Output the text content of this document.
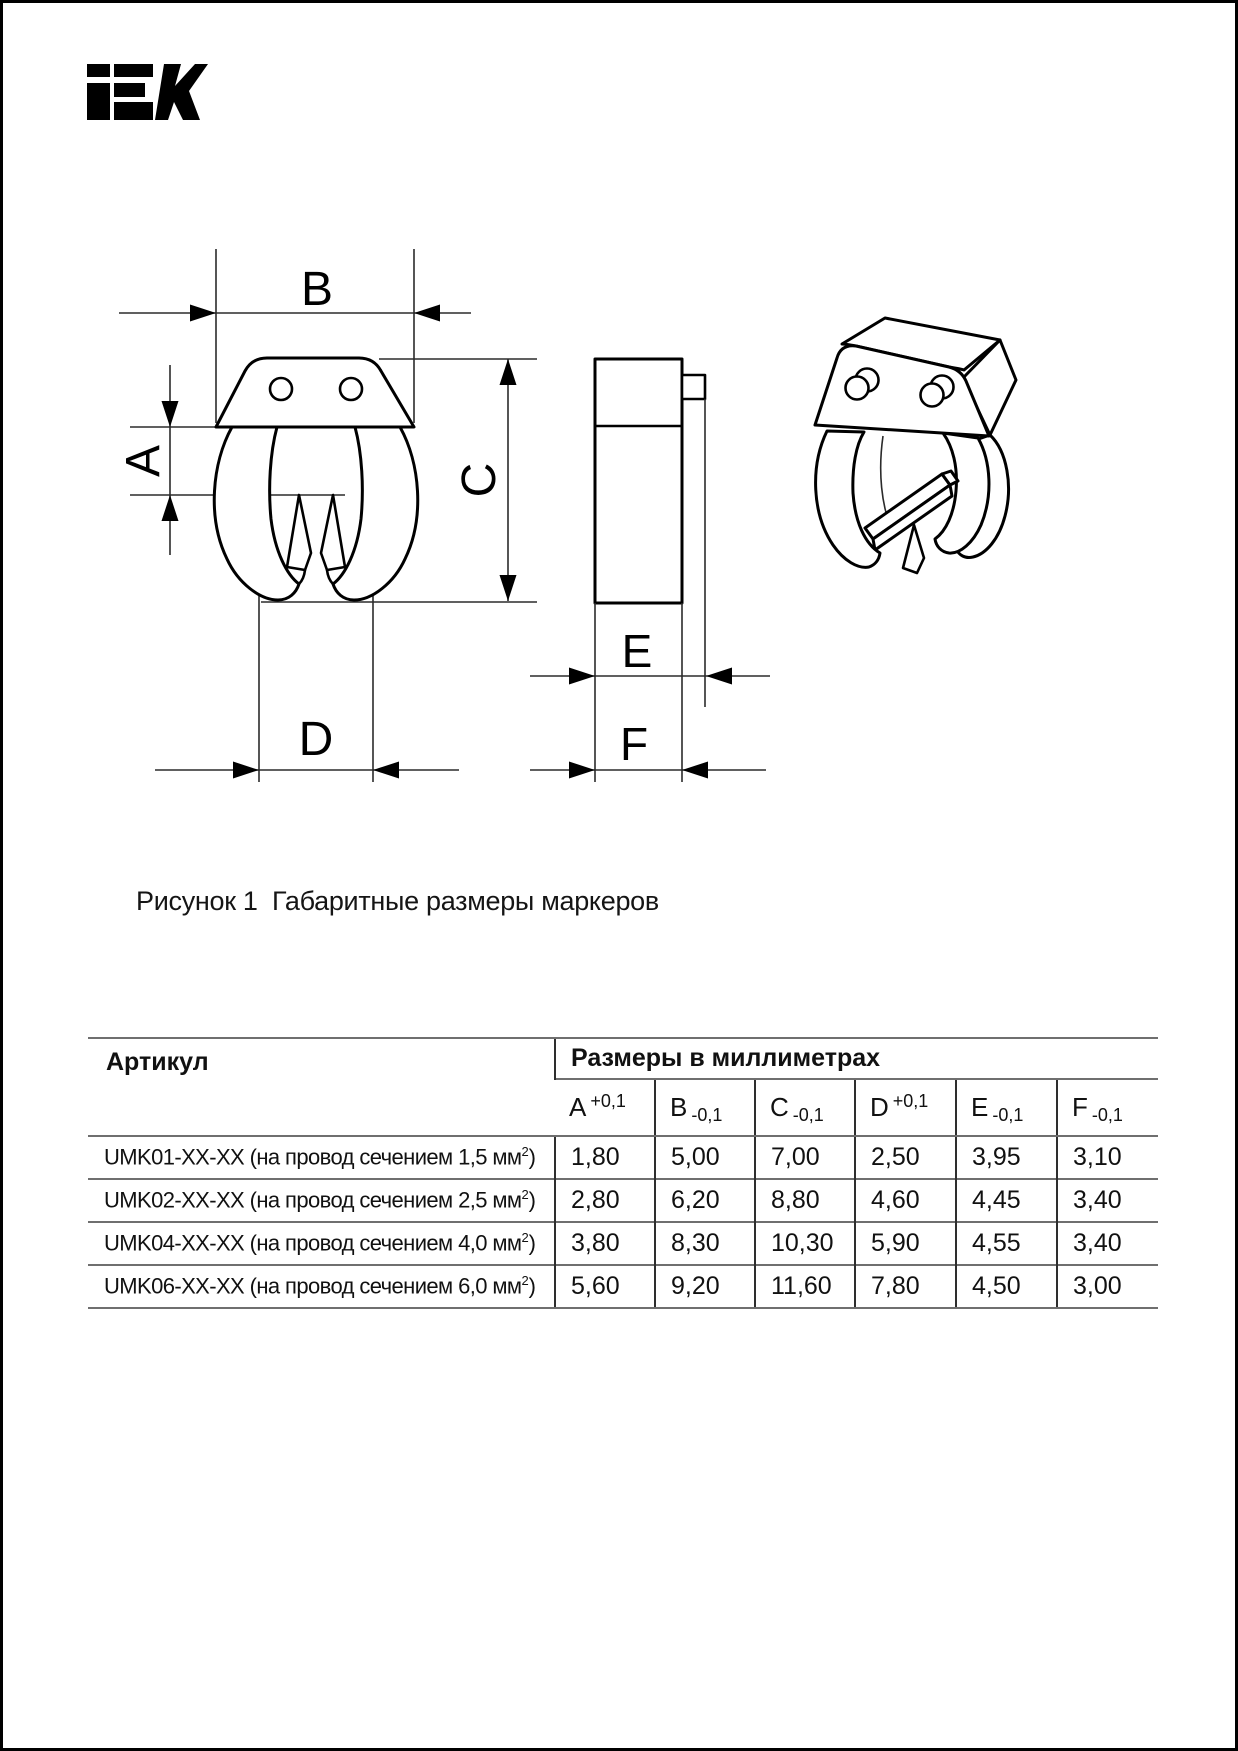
B
A
C
D
E
F
Рисунок 1  Габаритные размеры маркеров
Артикул	Размеры в миллиметрах					
	A +0,1	B -0,1	C -0,1	D +0,1	E -0,1	F -0,1
UMK01-XX-XX (на провод сечением 1,5 $мм^2$)	1,80	5,00	7,00	2,50	3,95	3,10
UMK02-XX-XX (на провод сечением 2,5 $мм^2$)	2,80	6,20	8,80	4,60	4,45	3,40
UMK04-XX-XX (на провод сечением 4,0 $мм^2$)	3,80	8,30	10,30	5,90	4,55	3,40
UMK06-XX-XX (на провод сечением 6,0 $мм^2$)	5,60	9,20	11,60	7,80	4,50	3,00
